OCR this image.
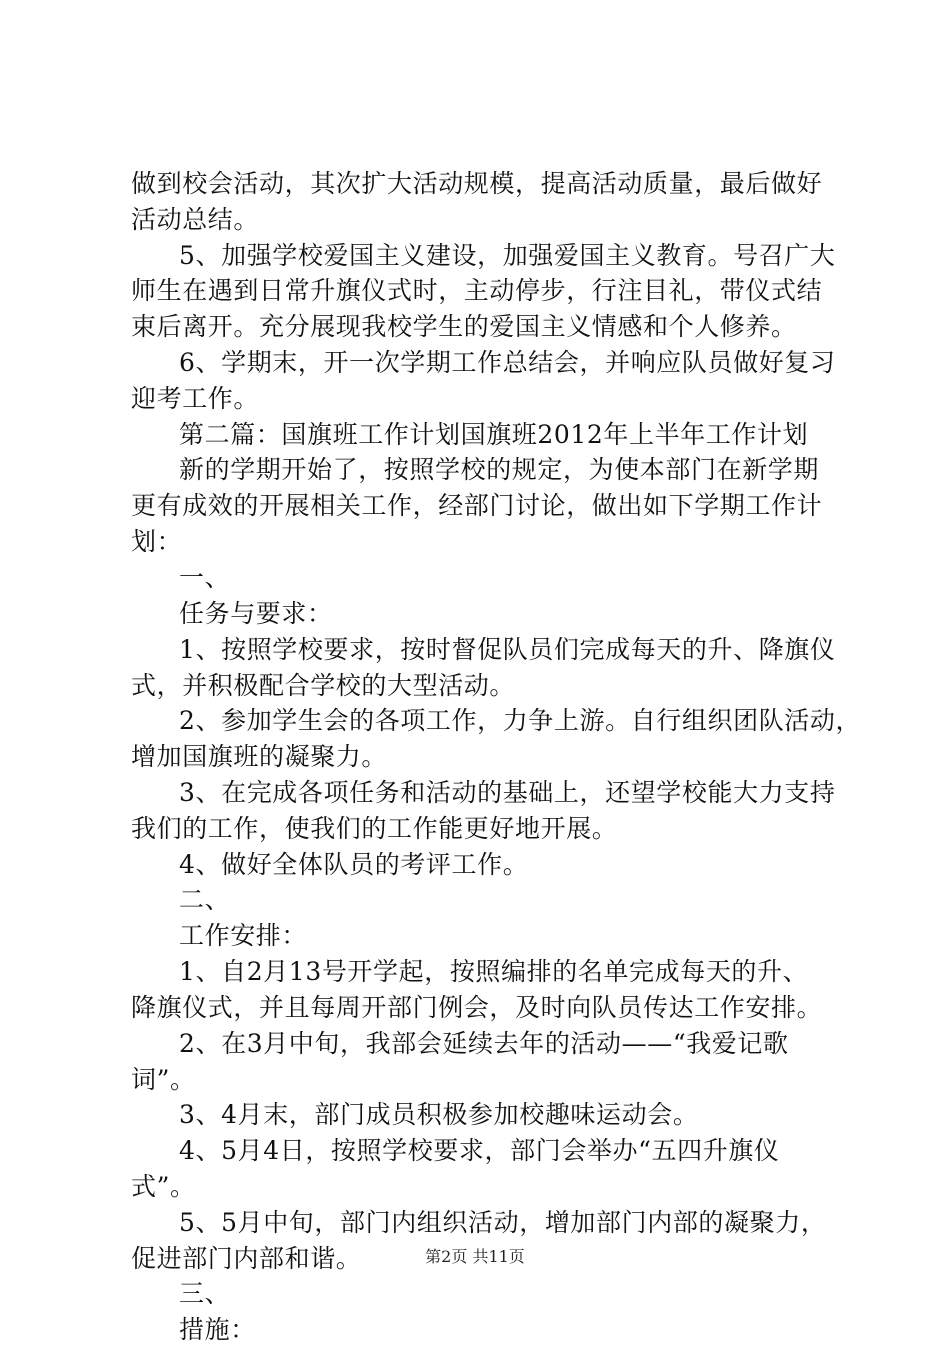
做到校会活动，其次扩大活动规模，提高活动质量，最后做好
活动总结。
5、加强学校爱国主义建设，加强爱国主义教育。号召广大
师生在遇到日常升旗仪式时，主动停步，行注目礼，带仪式结
束后离开。充分展现我校学生的爱国主义情感和个人修养。
6、学期末，开一次学期工作总结会，并响应队员做好复习
迎考工作。
第二篇：国旗班工作计划国旗班2012年上半年工作计划
新的学期开始了，按照学校的规定，为使本部门在新学期
更有成效的开展相关工作，经部门讨论，做出如下学期工作计
划：
一、
任务与要求：
1、按照学校要求，按时督促队员们完成每天的升、降旗仪
式，并积极配合学校的大型活动。
2、参加学生会的各项工作，力争上游。自行组织团队活动，
增加国旗班的凝聚力。
3、在完成各项任务和活动的基础上，还望学校能大力支持
我们的工作，使我们的工作能更好地开展。
4、做好全体队员的考评工作。
二、
工作安排：
1、自2月13号开学起，按照编排的名单完成每天的升、
降旗仪式，并且每周开部门例会，及时向队员传达工作安排。
2、在3月中旬，我部会延续去年的活动——“我爱记歌
词”。
3、4月末，部门成员积极参加校趣味运动会。
4、5月4日，按照学校要求，部门会举办“五四升旗仪
式”。
5、5月中旬，部门内组织活动，增加部门内部的凝聚力，
促进部门内部和谐。
三、
措施：
第2页 共11页
